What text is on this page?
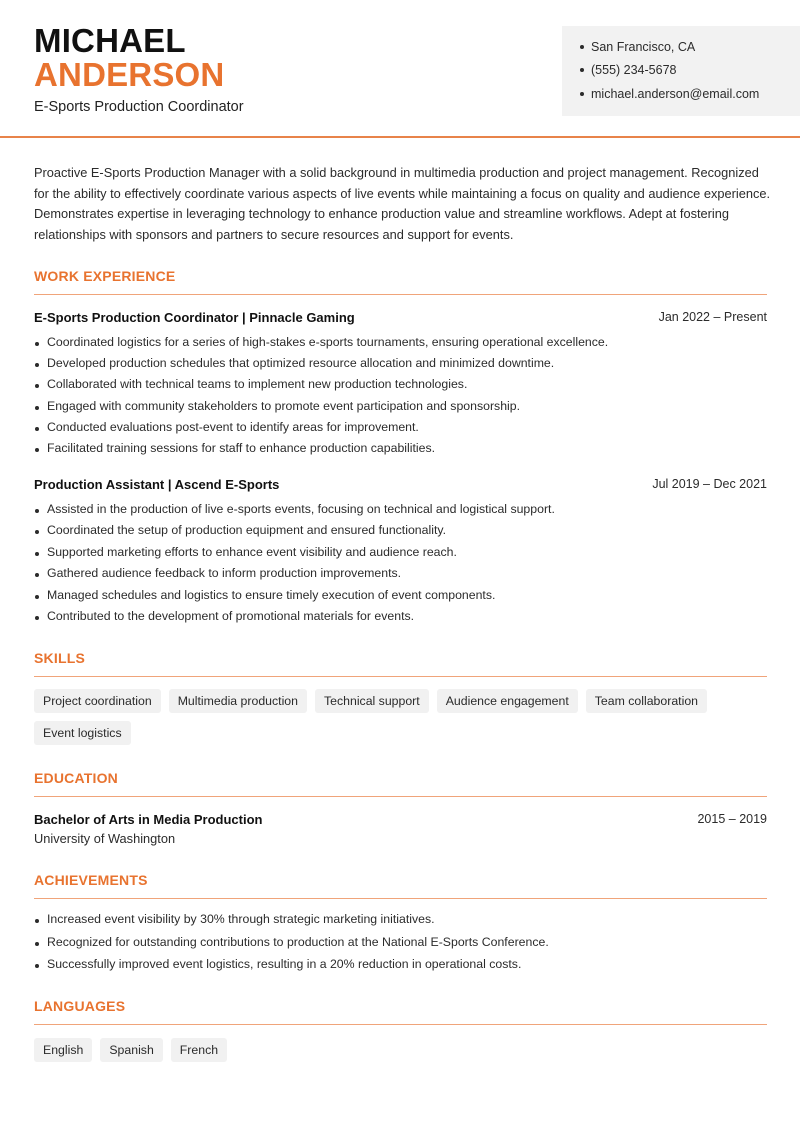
MICHAEL
ANDERSON
E-Sports Production Coordinator
San Francisco, CA
(555) 234-5678
michael.anderson@email.com
Proactive E-Sports Production Manager with a solid background in multimedia production and project management. Recognized for the ability to effectively coordinate various aspects of live events while maintaining a focus on quality and audience experience. Demonstrates expertise in leveraging technology to enhance production value and streamline workflows. Adept at fostering relationships with sponsors and partners to secure resources and support for events.
WORK EXPERIENCE
E-Sports Production Coordinator | Pinnacle Gaming	Jan 2022 – Present
Coordinated logistics for a series of high-stakes e-sports tournaments, ensuring operational excellence.
Developed production schedules that optimized resource allocation and minimized downtime.
Collaborated with technical teams to implement new production technologies.
Engaged with community stakeholders to promote event participation and sponsorship.
Conducted evaluations post-event to identify areas for improvement.
Facilitated training sessions for staff to enhance production capabilities.
Production Assistant | Ascend E-Sports	Jul 2019 – Dec 2021
Assisted in the production of live e-sports events, focusing on technical and logistical support.
Coordinated the setup of production equipment and ensured functionality.
Supported marketing efforts to enhance event visibility and audience reach.
Gathered audience feedback to inform production improvements.
Managed schedules and logistics to ensure timely execution of event components.
Contributed to the development of promotional materials for events.
SKILLS
Project coordination	Multimedia production	Technical support	Audience engagement	Team collaboration
Event logistics
EDUCATION
Bachelor of Arts in Media Production	2015 – 2019
University of Washington
ACHIEVEMENTS
Increased event visibility by 30% through strategic marketing initiatives.
Recognized for outstanding contributions to production at the National E-Sports Conference.
Successfully improved event logistics, resulting in a 20% reduction in operational costs.
LANGUAGES
English	Spanish	French
